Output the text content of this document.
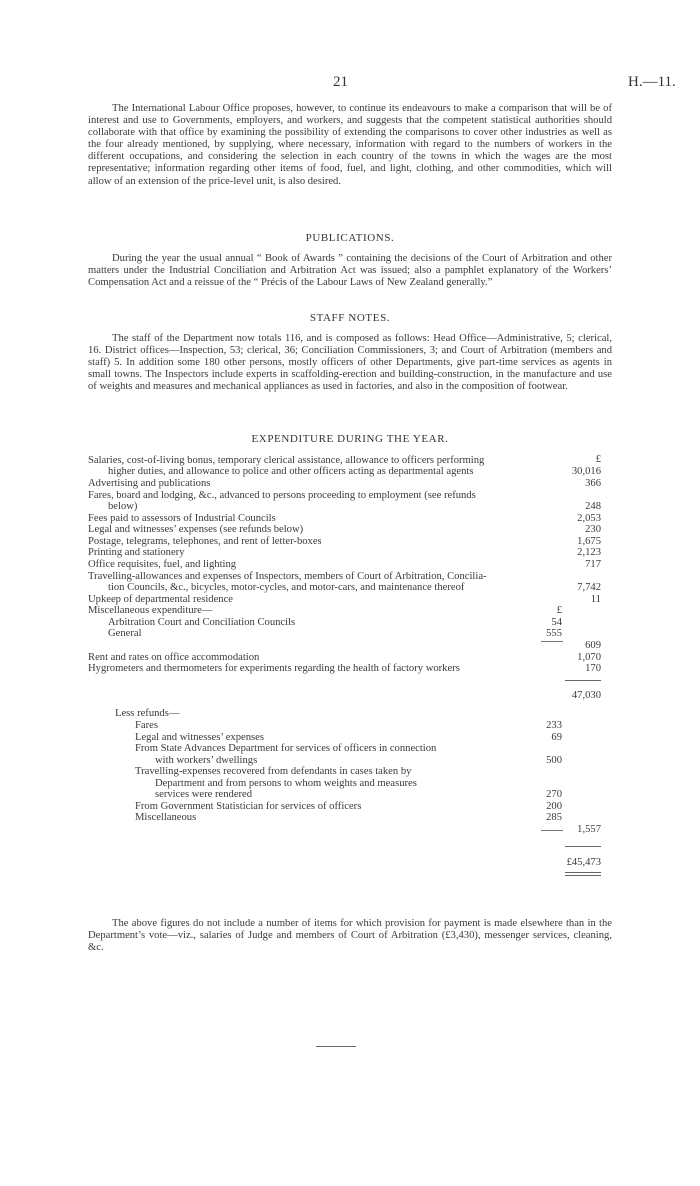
21	H.—11.

The International Labour Office proposes, however, to continue its endeavours to make a comparison that will be of interest and use to Governments, employers, and workers, and suggests that the competent statistical authorities should collaborate with that office by examining the possibility of extending the comparisons to cover other industries as well as the four already mentioned, by supplying, where necessary, information with regard to the numbers of workers in the different occupations, and considering the selection in each country of the towns in which the wages are the most representative; information regarding other items of food, fuel, and light, clothing, and other commodities, which will allow of an extension of the price-level unit, is also desired.

PUBLICATIONS.

During the year the usual annual “ Book of Awards ” containing the decisions of the Court of Arbitration and other matters under the Industrial Conciliation and Arbitration Act was issued; also a pamphlet explanatory of the Workers’ Compensation Act and a reissue of the “ Précis of the Labour Laws of New Zealand generally.”

STAFF NOTES.

The staff of the Department now totals 116, and is composed as follows: Head Office—Administrative, 5; clerical, 16. District offices—Inspection, 53; clerical, 36; Conciliation Commissioners, 3; and Court of Arbitration (members and staff) 5. In addition some 180 other persons, mostly officers of other Departments, give part-time services as agents in small towns. The Inspectors include experts in scaffolding-erection and building-construction, in the manufacture and use of weights and measures and mechanical appliances as used in factories, and also in the composition of footwear.

EXPENDITURE DURING THE YEAR.
£
Salaries, cost-of-living bonus, temporary clerical assistance, allowance to officers performing
higher duties, and allowance to police and other officers acting as departmental agents	30,016
Advertising and publications	366
Fares, board and lodging, &c., advanced to persons proceeding to employment (see refunds
below)	248
Fees paid to assessors of Industrial Councils	2,053
Legal and witnesses’ expenses (see refunds below)	230
Postage, telegrams, telephones, and rent of letter-boxes	1,675
Printing and stationery	2,123
Office requisites, fuel, and lighting	717
Travelling-allowances and expenses of Inspectors, members of Court of Arbitration, Concilia-
tion Councils, &c., bicycles, motor-cycles, and motor-cars, and maintenance thereof	7,742
Upkeep of departmental residence	11
Miscellaneous expenditure—
Arbitration Court and Conciliation Councils	54
General	555
609
Rent and rates on office accommodation	1,070
Hygrometers and thermometers for experiments regarding the health of factory workers	170
£
47,030
Less refunds—
Fares	233
Legal and witnesses’ expenses	69
From State Advances Department for services of officers in connection
with workers’ dwellings	500
Travelling-expenses recovered from defendants in cases taken by
Department and from persons to whom weights and measures
services were rendered	270
From Government Statistician for services of officers	200
Miscellaneous	285
1,557
£45,473

The above figures do not include a number of items for which provision for payment is made elsewhere than in the Department’s vote—viz., salaries of Judge and members of Court of Arbitration (£3,430), messenger services, cleaning, &c.
